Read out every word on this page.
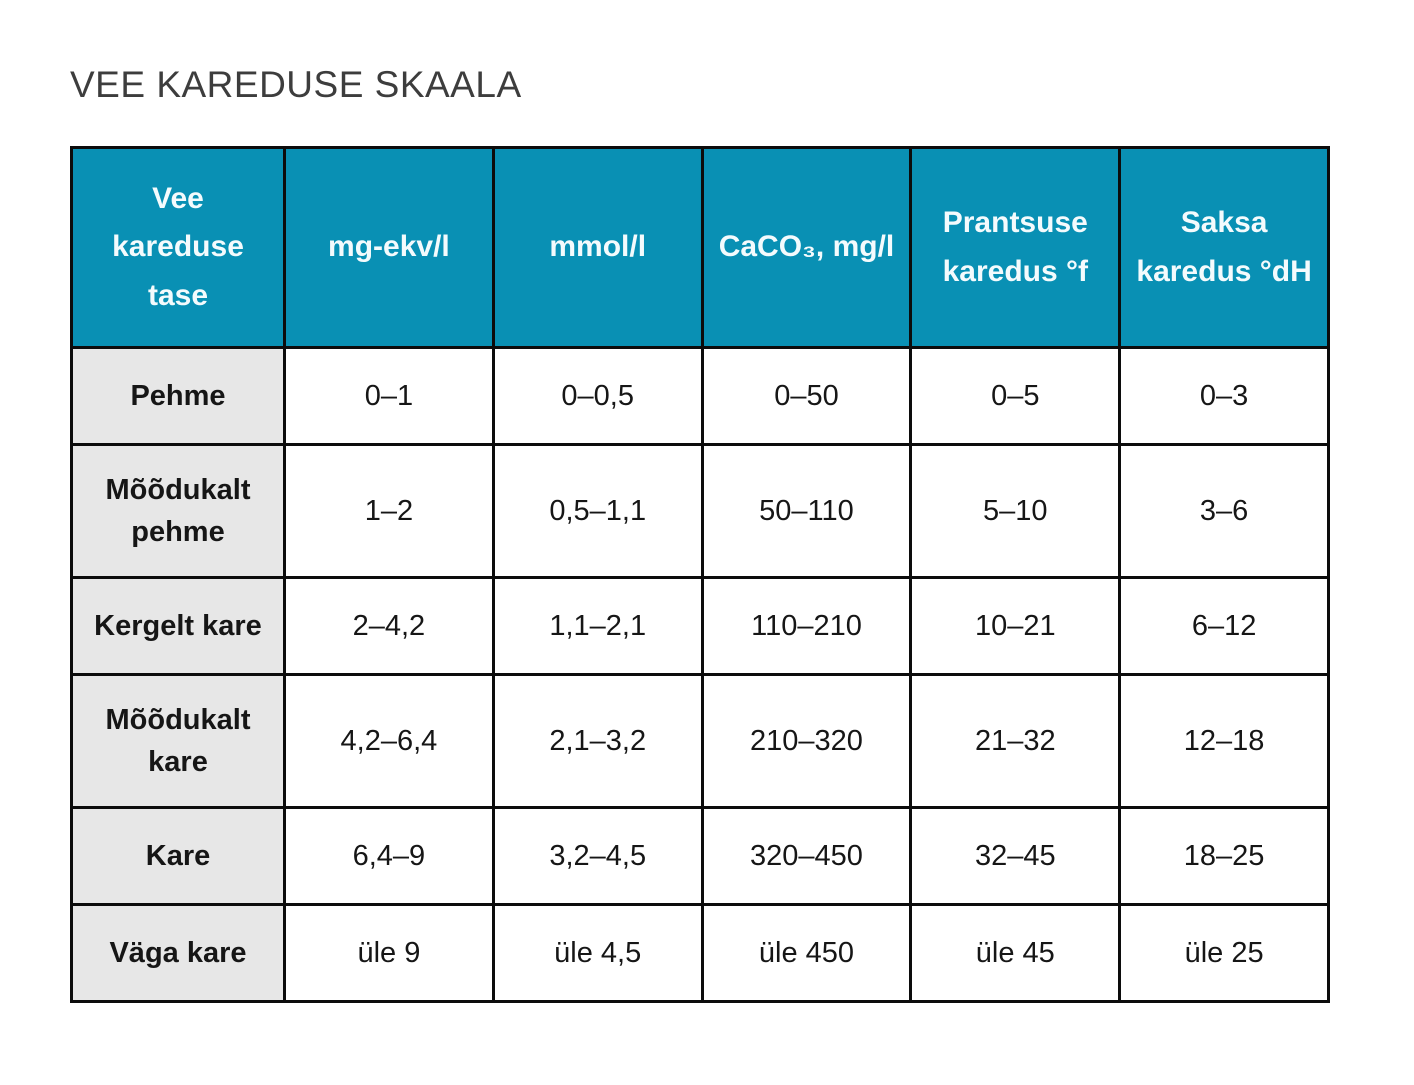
VEE KAREDUSE SKAALA
Vee kareduse tase	mg-ekv/l	mmol/l	CaCO₃, mg/l	Prantsuse karedus °f	Saksa karedus °dH
Pehme	0–1	0–0,5	0–50	0–5	0–3
Mõõdukalt pehme	1–2	0,5–1,1	50–110	5–10	3–6
Kergelt kare	2–4,2	1,1–2,1	110–210	10–21	6–12
Mõõdukalt kare	4,2–6,4	2,1–3,2	210–320	21–32	12–18
Kare	6,4–9	3,2–4,5	320–450	32–45	18–25
Väga kare	üle 9	üle 4,5	üle 450	üle 45	üle 25
